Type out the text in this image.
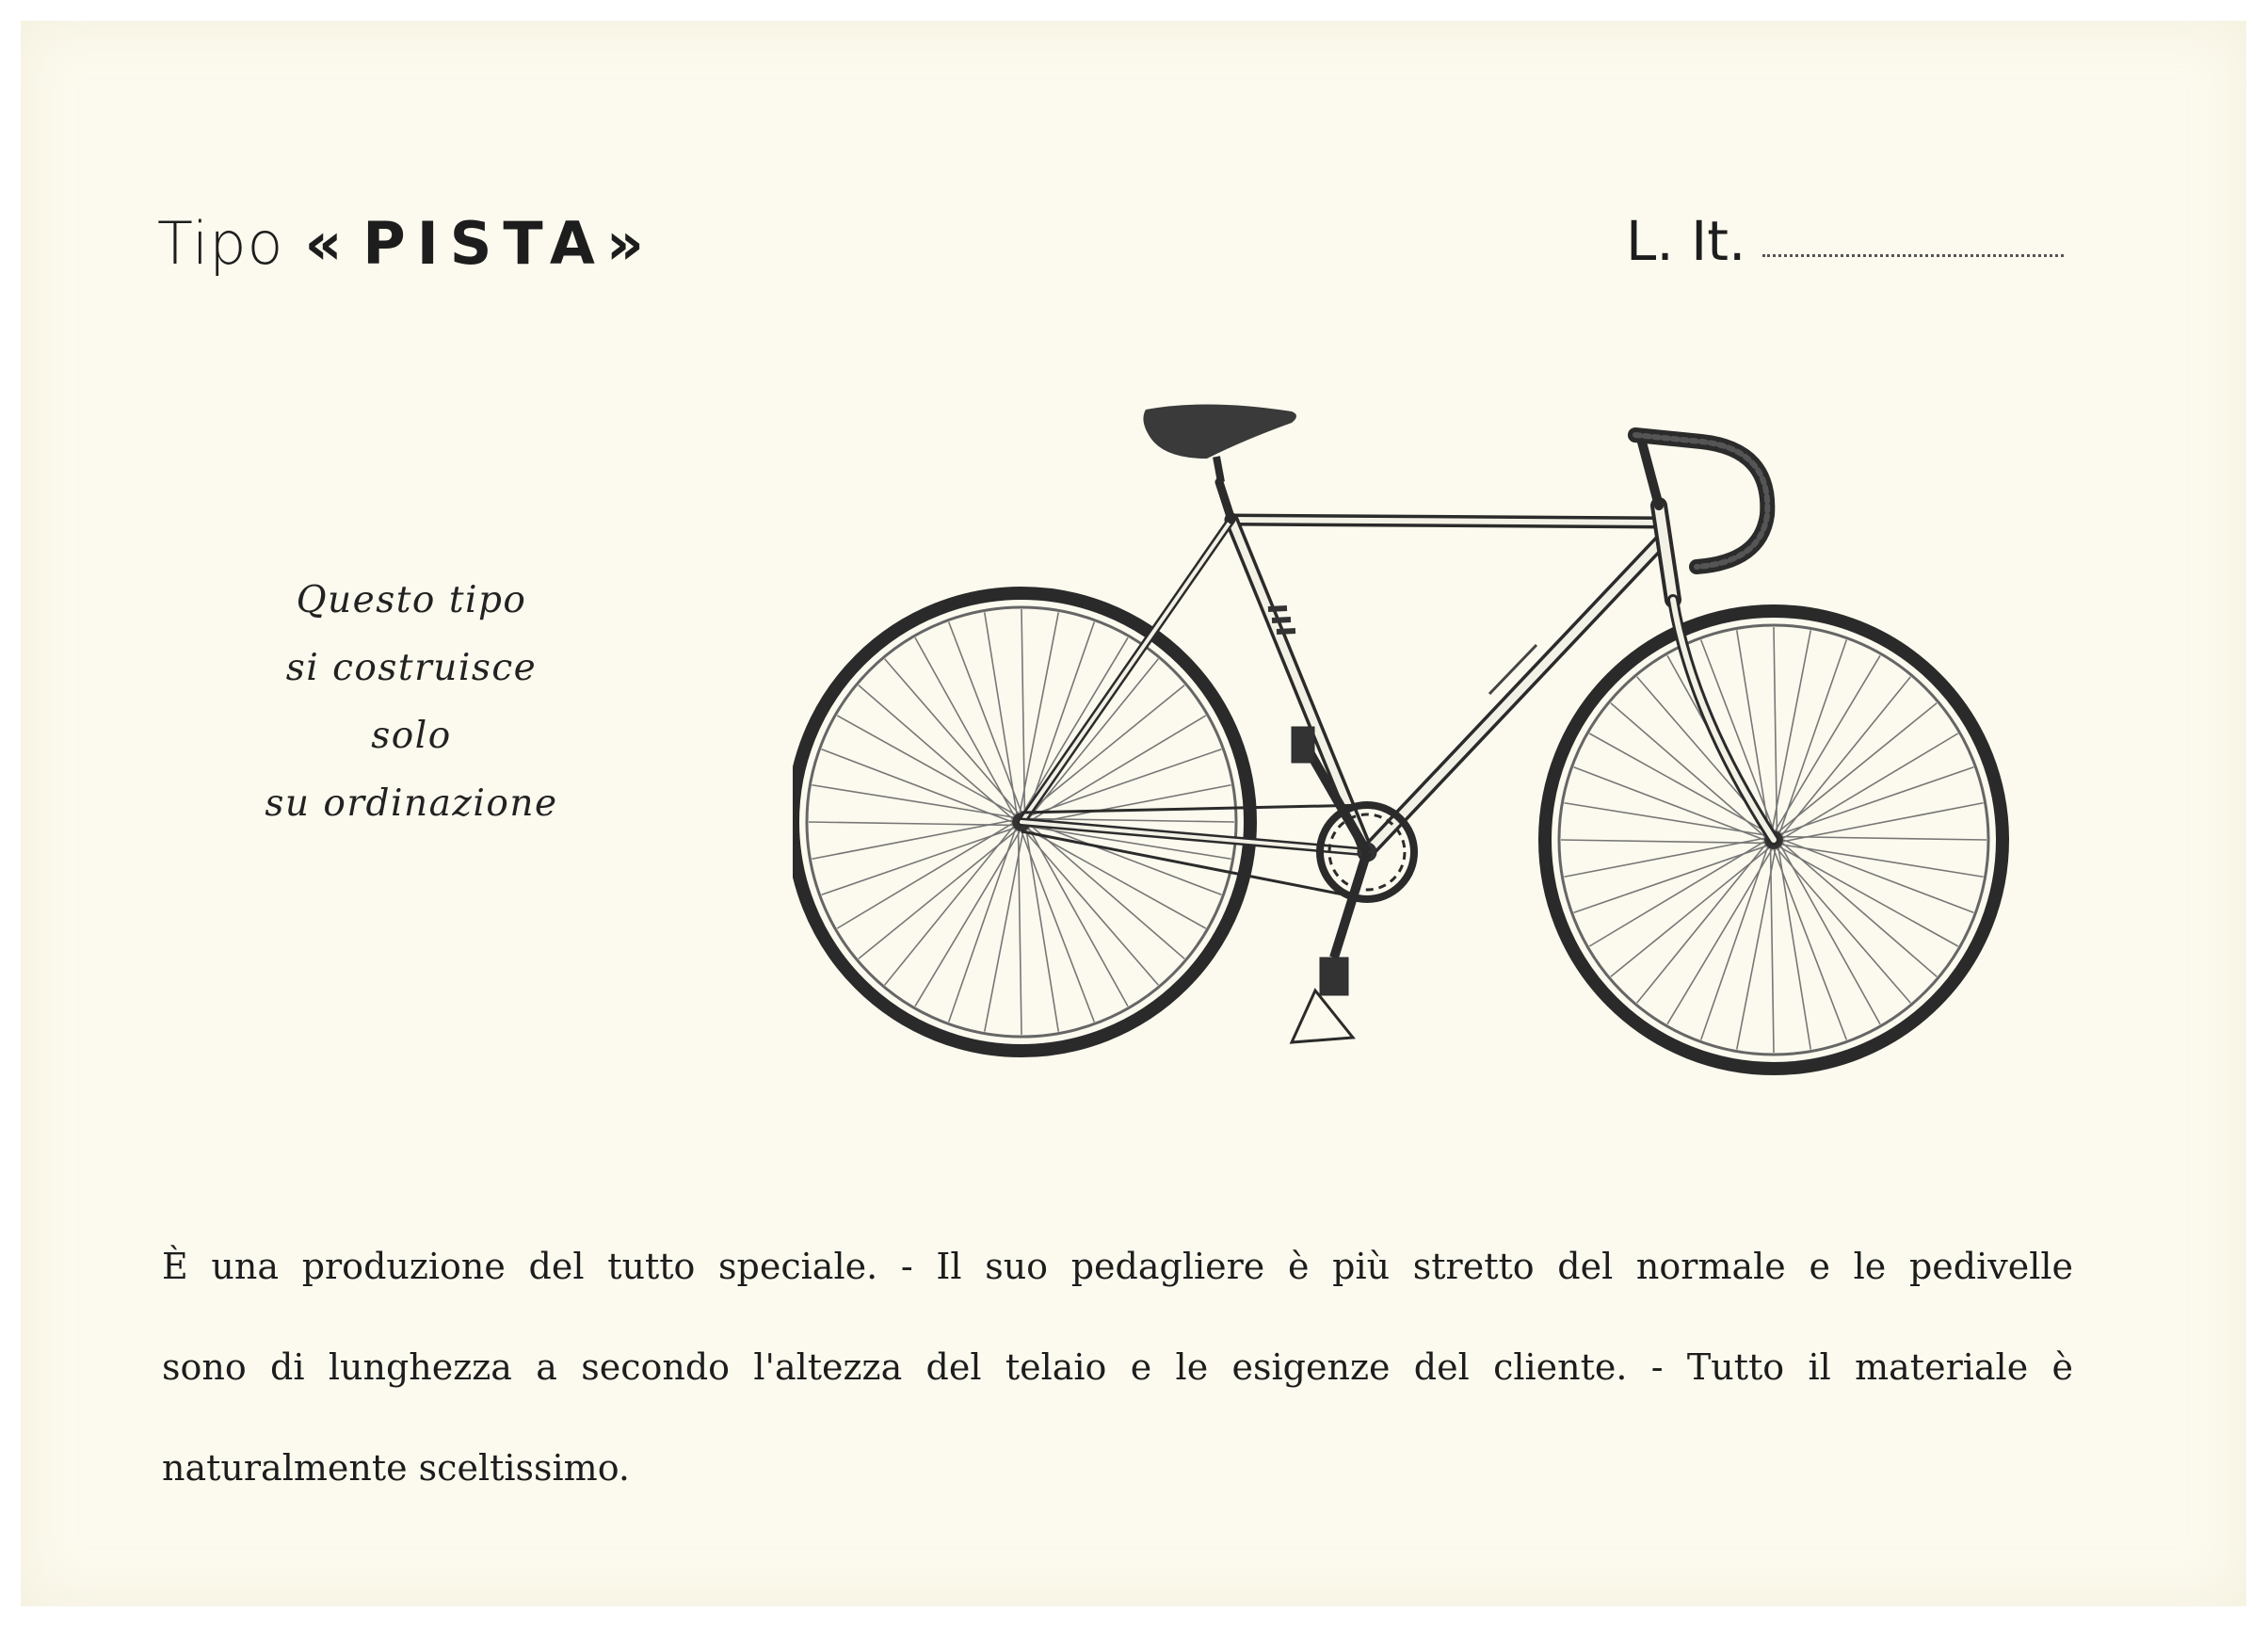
Tipo « PISTA»	L. It.
Questo tipo
si costruisce
solo
su ordinazione
È una produzione del tutto speciale. - Il suo pedagliere è più stretto del normale e le pedivelle
sono di lunghezza a secondo l'altezza del telaio e le esigenze del cliente. - Tutto il materiale è
naturalmente sceltissimo.
